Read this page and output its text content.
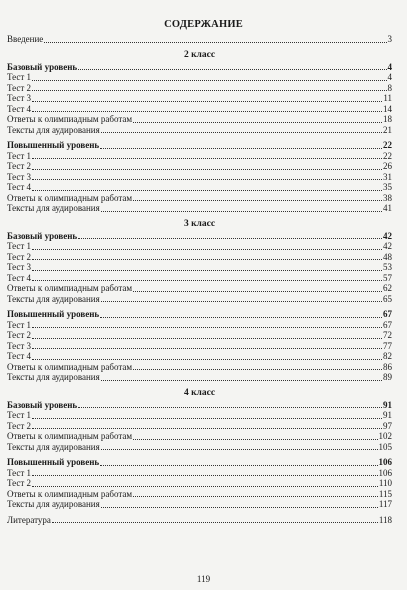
СОДЕРЖАНИЕ
Введение	3
2 класс
Базовый уровень	4
Тест 1	4
Тест 2	8
Тест 3	11
Тест 4	14
Ответы к олимпиадным работам	18
Тексты для аудирования	21
Повышенный уровень	22
Тест 1	22
Тест 2	26
Тест 3	31
Тест 4	35
Ответы к олимпиадным работам	38
Тексты для аудирования	41
3 класс
Базовый уровень	42
Тест 1	42
Тест 2	48
Тест 3	53
Тест 4	57
Ответы к олимпиадным работам	62
Тексты для аудирования	65
Повышенный уровень	67
Тест 1	67
Тест 2	72
Тест 3	77
Тест 4	82
Ответы к олимпиадным работам	86
Тексты для аудирования	89
4 класс
Базовый уровень	91
Тест 1	91
Тест 2	97
Ответы к олимпиадным работам	102
Тексты для аудирования	105
Повышенный уровень	106
Тест 1	106
Тест 2	110
Ответы к олимпиадным работам	115
Тексты для аудирования	117
Литература	118
119
